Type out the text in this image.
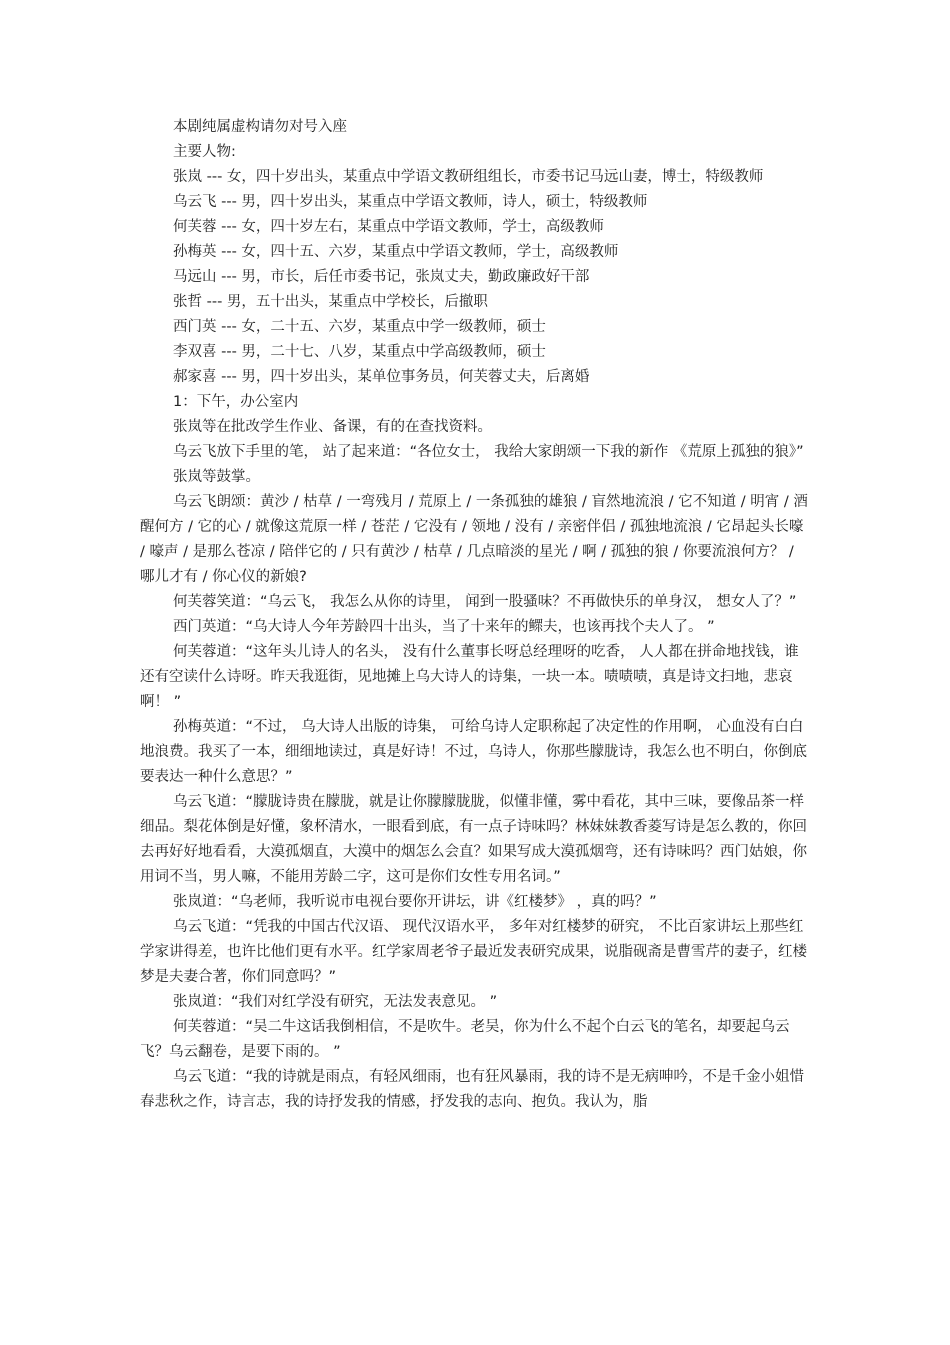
本剧纯属虚构请勿对号入座

主要人物:

张岚 --- 女，四十岁出头，某重点中学语文教研组组长，市委书记马远山妻，博士，特级教师

乌云飞 --- 男，四十岁出头，某重点中学语文教师，诗人，硕士，特级教师

何芙蓉 --- 女，四十岁左右，某重点中学语文教师，学士，高级教师

孙梅英 --- 女，四十五、六岁，某重点中学语文教师，学士，高级教师

马远山 --- 男，市长，后任市委书记，张岚丈夫，勤政廉政好干部

张哲 --- 男，五十出头，某重点中学校长，后撤职

西门英 --- 女，二十五、六岁，某重点中学一级教师，硕士

李双喜 --- 男，二十七、八岁，某重点中学高级教师，硕士

郝家喜 --- 男，四十岁出头，某单位事务员，何芙蓉丈夫，后离婚

1：下午，办公室内

张岚等在批改学生作业、备课，有的在查找资料。

乌云飞放下手里的笔， 站了起来道：“各位女士， 我给大家朗颂一下我的新作 《荒原上孤独的狼》”

张岚等鼓掌。

乌云飞朗颂：黄沙 / 枯草 / 一弯残月 / 荒原上 / 一条孤独的雄狼 / 盲然地流浪 / 它不知道 / 明宵 / 酒醒何方 / 它的心 / 就像这荒原一样 / 苍茫 / 它没有 / 领地 / 没有 / 亲密伴侣 / 孤独地流浪 / 它昂起头长嚎 / 嚎声 / 是那么苍凉 / 陪伴它的 / 只有黄沙 / 枯草 / 几点暗淡的星光 / 啊 / 孤独的狼 / 你要流浪何方？ / 哪儿才有 / 你心仪的新娘?

何芙蓉笑道：“乌云飞， 我怎么从你的诗里， 闻到一股骚味？不再做快乐的单身汉， 想女人了？”

西门英道：“乌大诗人今年芳龄四十出头，当了十来年的鳏夫，也该再找个夫人了。 ”

何芙蓉道：“这年头儿诗人的名头， 没有什么董事长呀总经理呀的吃香， 人人都在拼命地找钱，谁还有空读什么诗呀。昨天我逛街，见地摊上乌大诗人的诗集，一块一本。啧啧啧，真是诗文扫地，悲哀啊！ ”

孙梅英道：“不过， 乌大诗人出版的诗集， 可给乌诗人定职称起了决定性的作用啊， 心血没有白白地浪费。我买了一本，细细地读过，真是好诗！不过，乌诗人，你那些朦胧诗，我怎么也不明白，你倒底要表达一种什么意思？”

乌云飞道：“朦胧诗贵在朦胧，就是让你朦朦胧胧，似懂非懂，雾中看花，其中三味，要像品茶一样细品。梨花体倒是好懂，象杯清水，一眼看到底，有一点子诗味吗？林妹妹教香菱写诗是怎么教的，你回去再好好地看看，大漠孤烟直，大漠中的烟怎么会直？如果写成大漠孤烟弯，还有诗味吗？西门姑娘，你用词不当，男人嘛，不能用芳龄二字，这可是你们女性专用名词。”

张岚道：“乌老师，我听说市电视台要你开讲坛，讲《红楼梦》 ，真的吗？”

乌云飞道：“凭我的中国古代汉语、 现代汉语水平， 多年对红楼梦的研究， 不比百家讲坛上那些红学家讲得差，也许比他们更有水平。红学家周老爷子最近发表研究成果，说脂砚斋是曹雪芹的妻子，红楼梦是夫妻合著，你们同意吗？”

张岚道：“我们对红学没有研究，无法发表意见。 ”

何芙蓉道：“吴二牛这话我倒相信，不是吹牛。老吴，你为什么不起个白云飞的笔名，却要起乌云飞？乌云翻卷，是要下雨的。 ”

乌云飞道：“我的诗就是雨点，有轻风细雨，也有狂风暴雨，我的诗不是无病呻吟，不是千金小姐惜春悲秋之作，诗言志，我的诗抒发我的情感，抒发我的志向、抱负。我认为，脂
